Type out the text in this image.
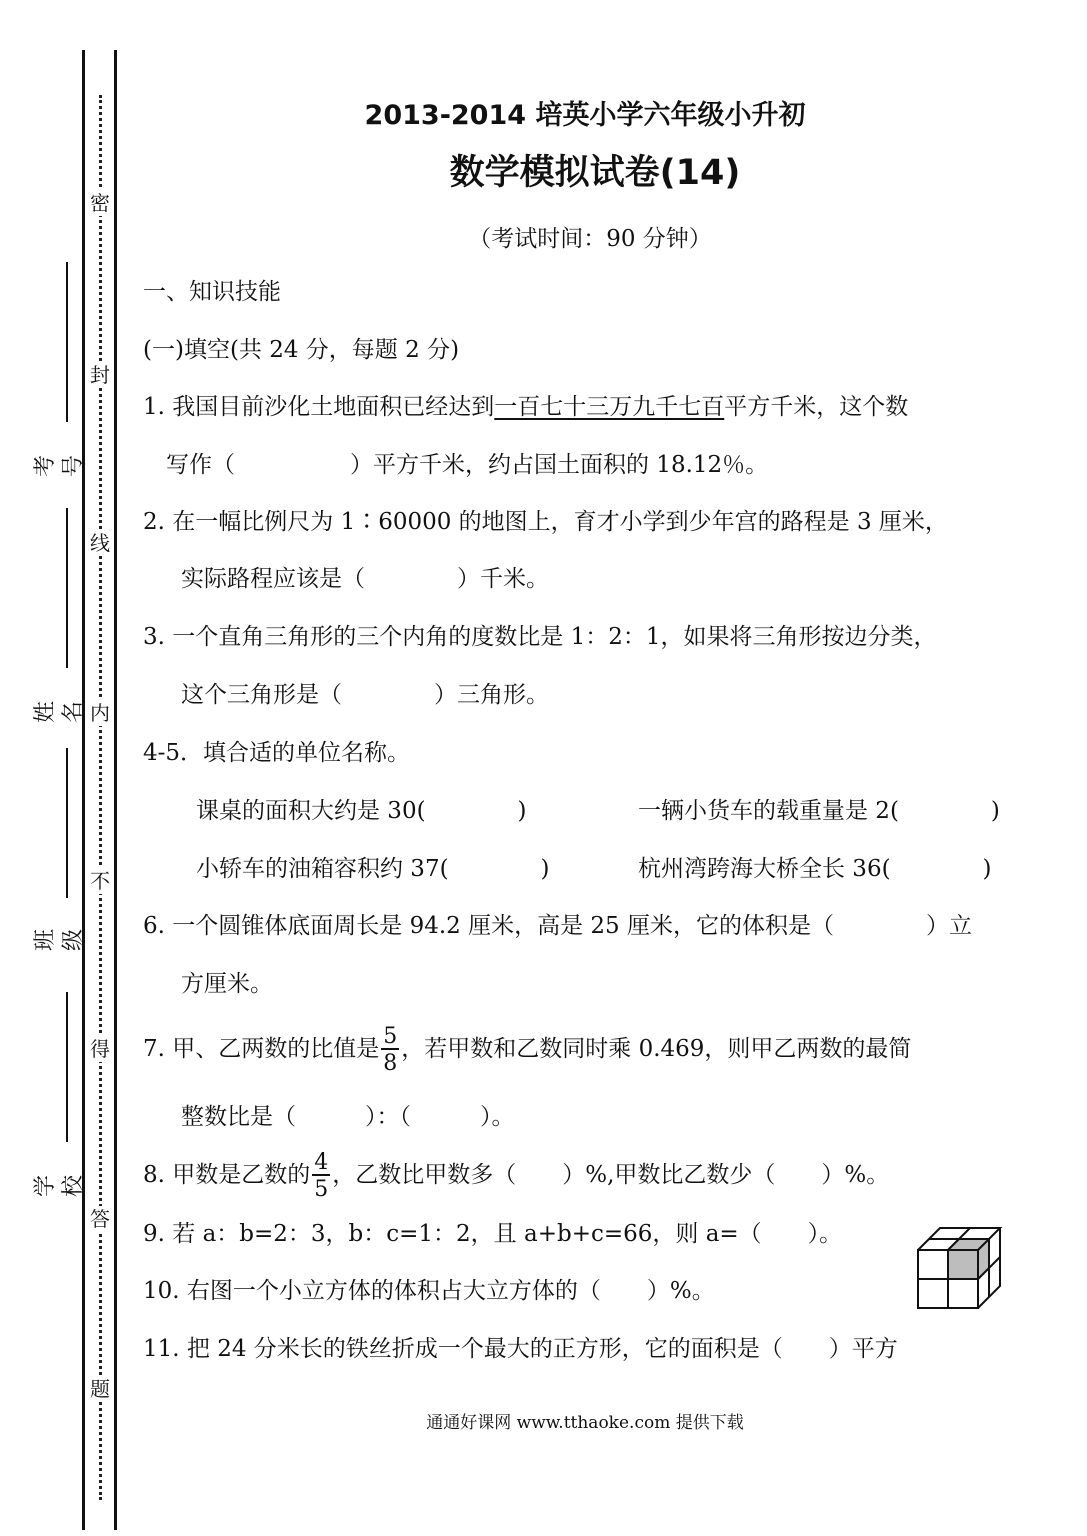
密
封
线
内
不
得
答
题
考号
姓名
班级
学校
2013-2014 培英小学六年级小升初
数学模拟试卷(14)
（考试时间：90 分钟）
一、知识技能
(一)填空(共 24 分，每题 2 分)
1. 我国目前沙化土地面积已经达到一百七十三万九千七百平方千米，这个数
写作（　　　　　）平方千米，约占国土面积的 18.12％。
2. 在一幅比例尺为 1∶60000 的地图上，育才小学到少年宫的路程是 3 厘米，
实际路程应该是（　　　　）千米。
3. 一个直角三角形的三个内角的度数比是 1：2：1，如果将三角形按边分类，
这个三角形是（　　　　）三角形。
4-5．填合适的单位名称。
课桌的面积大约是 30(　　　　)	一辆小货车的载重量是 2(　　　　)
小轿车的油箱容积约 37(　　　　)	杭州湾跨海大桥全长 36(　　　　)
6. 一个圆锥体底面周长是 94.2 厘米，高是 25 厘米，它的体积是（　　　　）立
方厘米。
7. 甲、乙两数的比值是 $\frac{5}{8}$ ，若甲数和乙数同时乘 0.469，则甲乙两数的最简
整数比是（　　　）：（　　　）。
8. 甲数是乙数的 $\frac{4}{5}$ ，乙数比甲数多（　　）%,甲数比乙数少（　　）%。
9. 若 a：b=2：3，b：c=1：2，且 a+b+c=66，则 a=（　　）。
10. 右图一个小立方体的体积占大立方体的（　　）%。
11. 把 24 分米长的铁丝折成一个最大的正方形，它的面积是（　　）平方
通通好课网 www.tthaoke.com 提供下载
